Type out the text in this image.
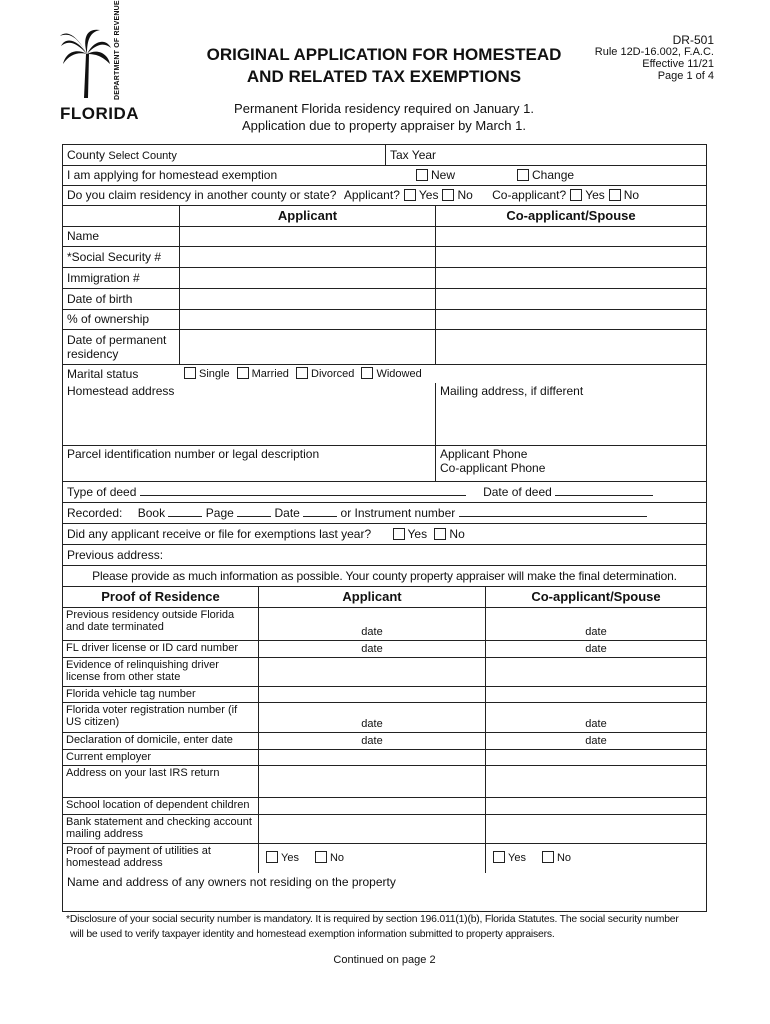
DEPARTMENT OF REVENUE
FLORIDA
ORIGINAL APPLICATION FOR HOMESTEAD
AND RELATED TAX EXEMPTIONS
DR-501
Rule 12D-16.002, F.A.C.
Effective 11/21
Page 1 of 4
Permanent Florida residency required on January 1.
Application due to property appraiser by March 1.
County Select County	Tax Year
I am applying for homestead exemption	New	Change
Do you claim residency in another county or state? Applicant? Yes No Co-applicant? Yes No
Applicant	Co-applicant/Spouse
Name
*Social Security #
Immigration #
Date of birth
% of ownership
Date of permanent residency
Marital status	Single Married Divorced Widowed
Homestead address	Mailing address, if different
Parcel identification number or legal description	Applicant Phone
Co-applicant Phone
Type of deed	Date of deed
Recorded: Book	Page	Date	or Instrument number
Did any applicant receive or file for exemptions last year?	Yes No
Previous address:
Please provide as much information as possible. Your county property appraiser will make the final determination.
Proof of Residence	Applicant	Co-applicant/Spouse
Previous residency outside Florida and date terminated	date	date
FL driver license or ID card number	date	date
Evidence of relinquishing driver license from other state
Florida vehicle tag number
Florida voter registration number (if US citizen)	date	date
Declaration of domicile, enter date	date	date
Current employer
Address on your last IRS return
School location of dependent children
Bank statement and checking account mailing address
Proof of payment of utilities at homestead address	Yes	No	Yes	No
Name and address of any owners not residing on the property
*Disclosure of your social security number is mandatory. It is required by section 196.011(1)(b), Florida Statutes. The social security number
will be used to verify taxpayer identity and homestead exemption information submitted to property appraisers.
Continued on page 2
